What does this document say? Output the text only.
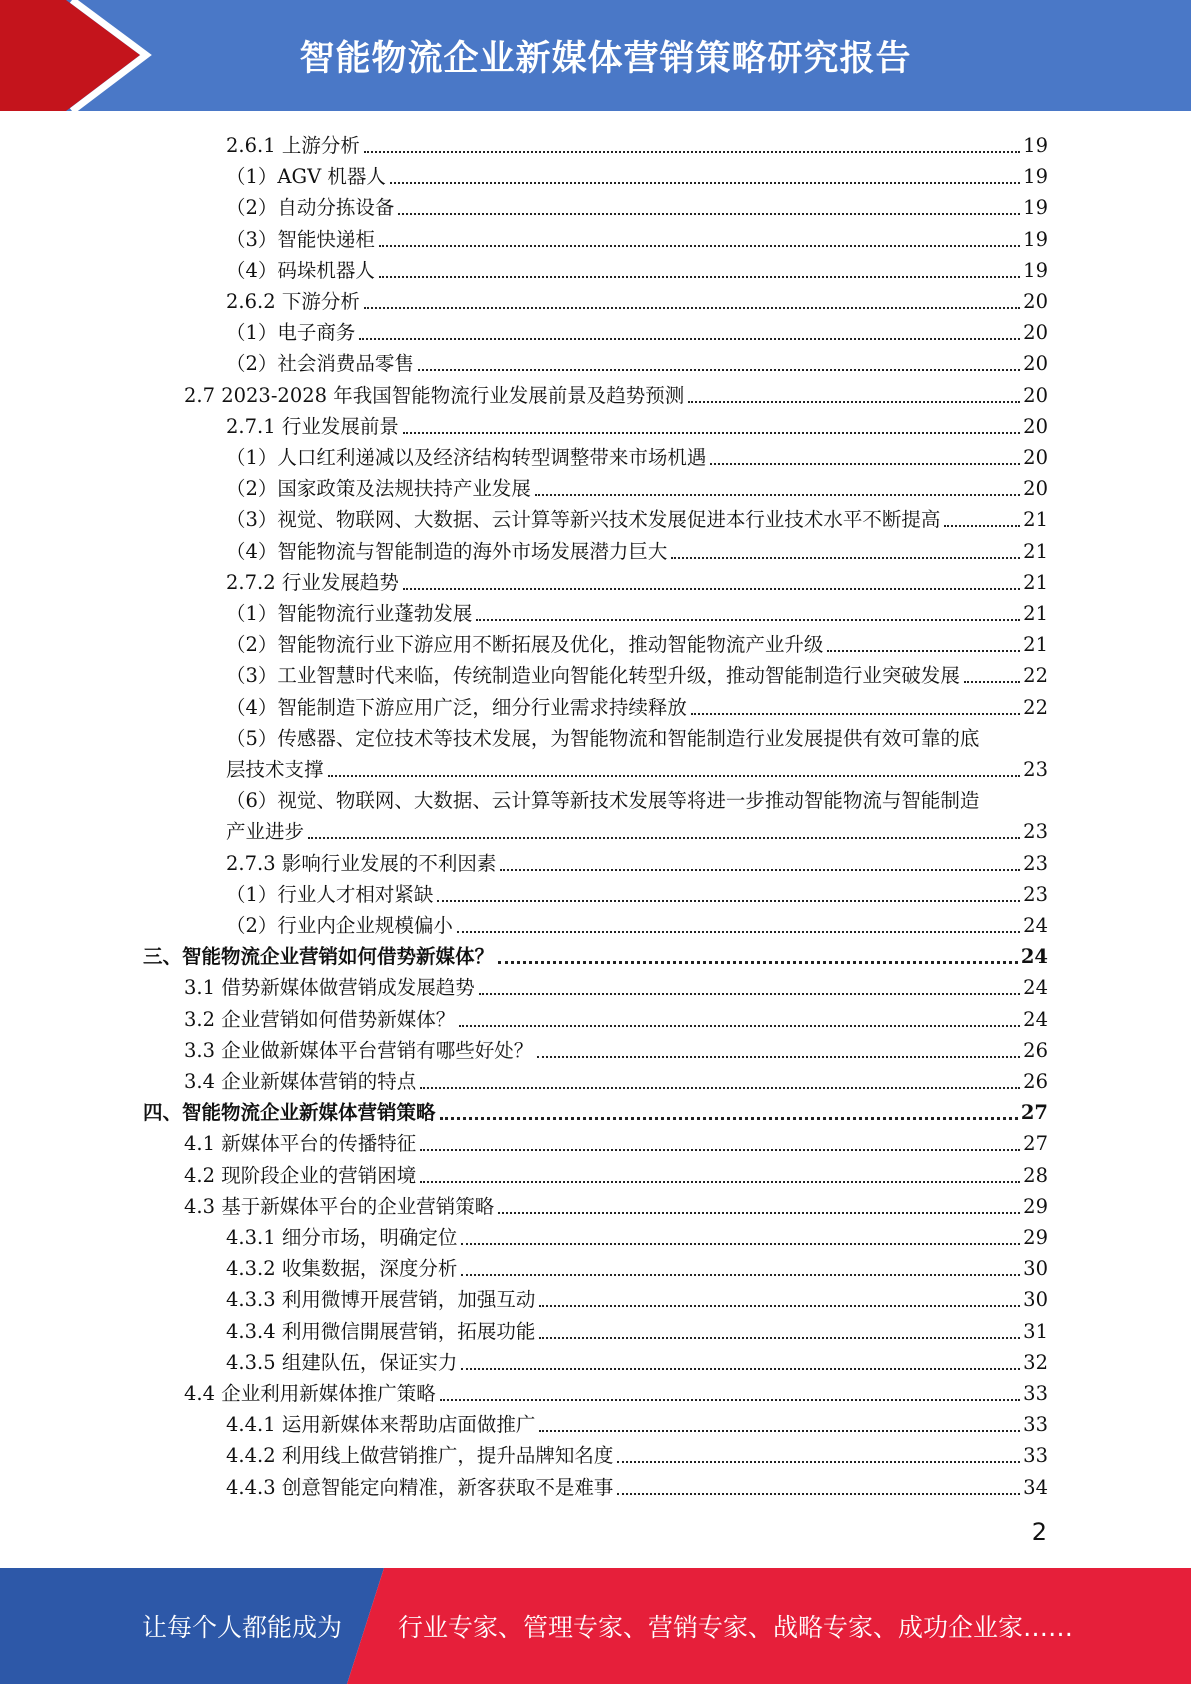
智能物流企业新媒体营销策略研究报告
2.6.1 上游分析	19
（1）AGV 机器人	19
（2）自动分拣设备	19
（3）智能快递柜	19
（4）码垛机器人	19
2.6.2 下游分析	20
（1）电子商务	20
（2）社会消费品零售	20
2.7 2023-2028 年我国智能物流行业发展前景及趋势预测	20
2.7.1 行业发展前景	20
（1）人口红利递减以及经济结构转型调整带来市场机遇	20
（2）国家政策及法规扶持产业发展	20
（3）视觉、物联网、大数据、云计算等新兴技术发展促进本行业技术水平不断提高	21
（4）智能物流与智能制造的海外市场发展潜力巨大	21
2.7.2 行业发展趋势	21
（1）智能物流行业蓬勃发展	21
（2）智能物流行业下游应用不断拓展及优化，推动智能物流产业升级	21
（3）工业智慧时代来临，传统制造业向智能化转型升级，推动智能制造行业突破发展	22
（4）智能制造下游应用广泛，细分行业需求持续释放	22
（5）传感器、定位技术等技术发展，为智能物流和智能制造行业发展提供有效可靠的底
层技术支撑	23
（6）视觉、物联网、大数据、云计算等新技术发展等将进一步推动智能物流与智能制造
产业进步	23
2.7.3 影响行业发展的不利因素	23
（1）行业人才相对紧缺	23
（2）行业内企业规模偏小	24
三、智能物流企业营销如何借势新媒体？	24
3.1 借势新媒体做营销成发展趋势	24
3.2 企业营销如何借势新媒体？	24
3.3 企业做新媒体平台营销有哪些好处？	26
3.4 企业新媒体营销的特点	26
四、智能物流企业新媒体营销策略	27
4.1 新媒体平台的传播特征	27
4.2 现阶段企业的营销困境	28
4.3 基于新媒体平台的企业营销策略	29
4.3.1 细分市场，明确定位	29
4.3.2 收集数据，深度分析	30
4.3.3 利用微博开展营销，加强互动	30
4.3.4 利用微信開展营销，拓展功能	31
4.3.5 组建队伍，保证实力	32
4.4 企业利用新媒体推广策略	33
4.4.1 运用新媒体来帮助店面做推广	33
4.4.2 利用线上做营销推广，提升品牌知名度	33
4.4.3 创意智能定向精准，新客获取不是难事	34
2
让每个人都能成为 行业专家、管理专家、营销专家、战略专家、成功企业家……
